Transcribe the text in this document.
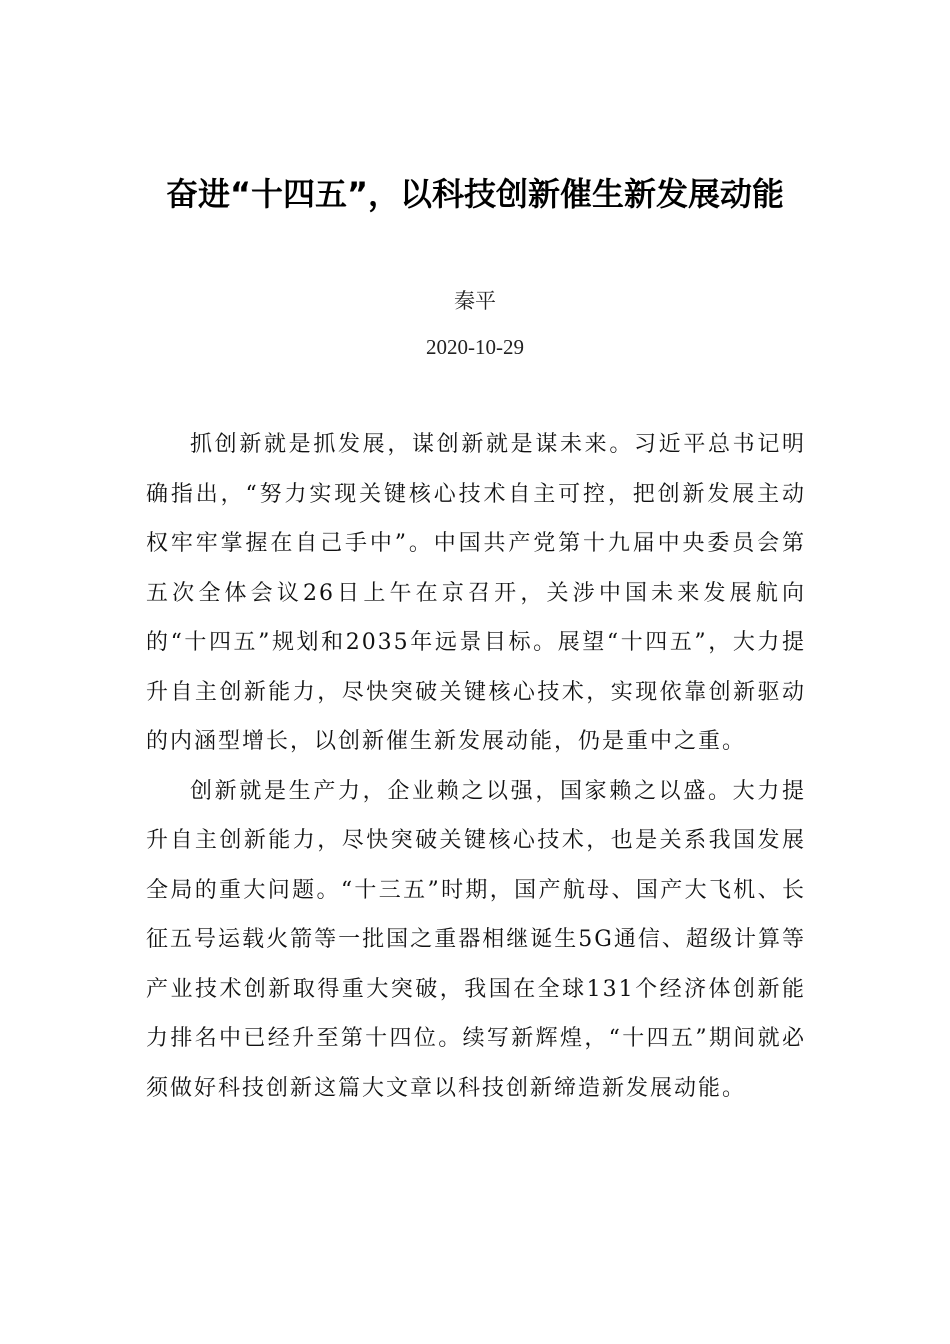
奋进“十四五”，以科技创新催生新发展动能
秦平
2020-10-29

抓创新就是抓发展，谋创新就是谋未来。习近平总书记明确指出，“努力实现关键核心技术自主可控，把创新发展主动权牢牢掌握在自己手中”。中国共产党第十九届中央委员会第五次全体会议26日上午在京召开，关涉中国未来发展航向的“十四五”规划和2035年远景目标。展望“十四五”，大力提升自主创新能力，尽快突破关键核心技术，实现依靠创新驱动的内涵型增长，以创新催生新发展动能，仍是重中之重。

创新就是生产力，企业赖之以强，国家赖之以盛。大力提升自主创新能力，尽快突破关键核心技术，也是关系我国发展全局的重大问题。“十三五”时期，国产航母、国产大飞机、长征五号运载火箭等一批国之重器相继诞生5G通信、超级计算等产业技术创新取得重大突破，我国在全球131个经济体创新能力排名中已经升至第十四位。续写新辉煌，“十四五”期间就必须做好科技创新这篇大文章以科技创新缔造新发展动能。
